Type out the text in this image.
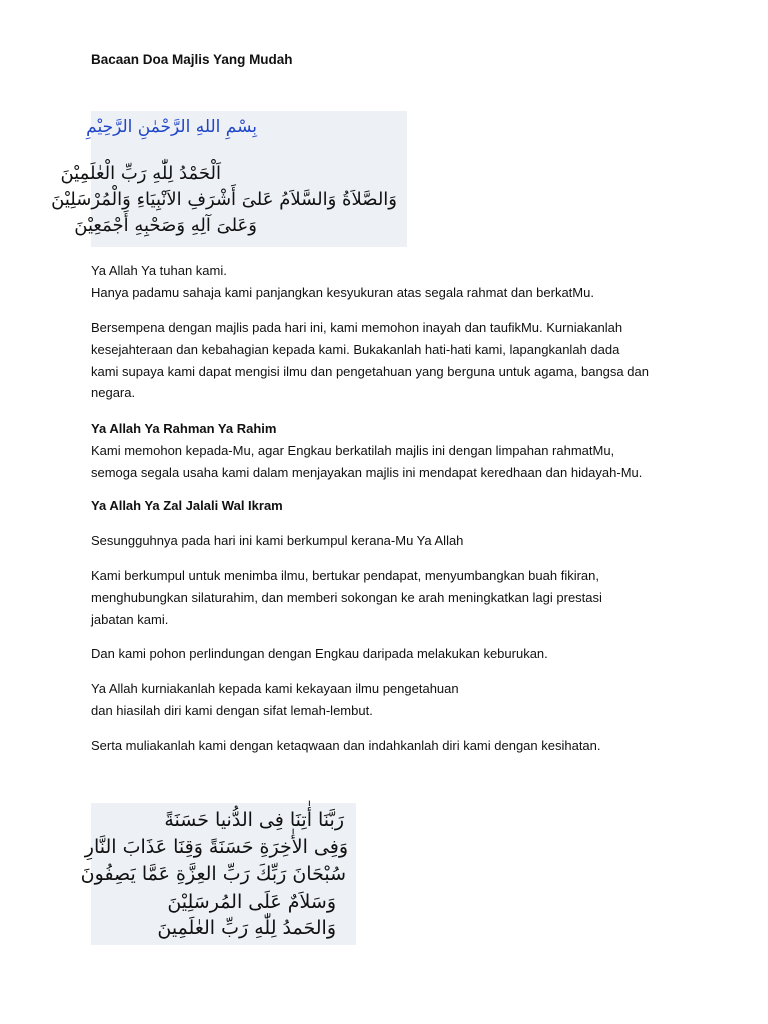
Bacaan Doa Majlis Yang Mudah
بِسْمِ اللهِ الرَّحْمٰنِ الرَّحِيْمِ
اَلْحَمْدُ لِلّٰهِ رَبِّ الْعٰلَمِيْنَ
وَالصَّلاَةُ وَالسَّلاَمُ عَلىَ أَشْرَفِ الاَنْبِيَاءِ وَالْمُرْسَلِيْنَ
وَعَلىَ آلِهِ وَصَحْبِهِ أَجْمَعِيْنَ

Ya Allah Ya tuhan kami.
Hanya padamu sahaja kami panjangkan kesyukuran atas segala rahmat dan berkatMu.

Bersempena dengan majlis pada hari ini, kami memohon inayah dan taufikMu. Kurniakanlah
kesejahteraan dan kebahagian kepada kami. Bukakanlah hati-hati kami, lapangkanlah dada
kami supaya kami dapat mengisi ilmu dan pengetahuan yang berguna untuk agama, bangsa dan
negara.

Ya Allah Ya Rahman Ya Rahim
Kami memohon kepada-Mu, agar Engkau berkatilah majlis ini dengan limpahan rahmatMu,
semoga segala usaha kami dalam menjayakan majlis ini mendapat keredhaan dan hidayah-Mu.

Ya Allah Ya Zal Jalali Wal Ikram

Sesungguhnya pada hari ini kami berkumpul kerana-Mu Ya Allah

Kami berkumpul untuk menimba ilmu, bertukar pendapat, menyumbangkan buah fikiran,
menghubungkan silaturahim, dan memberi sokongan ke arah meningkatkan lagi prestasi
jabatan kami.

Dan kami pohon perlindungan dengan Engkau daripada melakukan keburukan.

Ya Allah kurniakanlah kepada kami kekayaan ilmu pengetahuan
dan hiasilah diri kami dengan sifat lemah-lembut.

Serta muliakanlah kami dengan ketaqwaan dan indahkanlah diri kami dengan kesihatan.

رَبَّنَا أٰتِنَا فِى الدُّنيا حَسَنَةً
وَفِى الأٰخِرَةِ حَسَنَةً وَقِنَا عَذَابَ النَّارِ
سُبْحَانَ رَبِّكَ رَبِّ العِزَّةِ عَمَّا يَصِفُونَ
وَسَلاَمٌ عَلَى المُرسَلِيْنَ
وَالحَمدُ لِلّٰهِ رَبِّ العٰلَمِينَ
